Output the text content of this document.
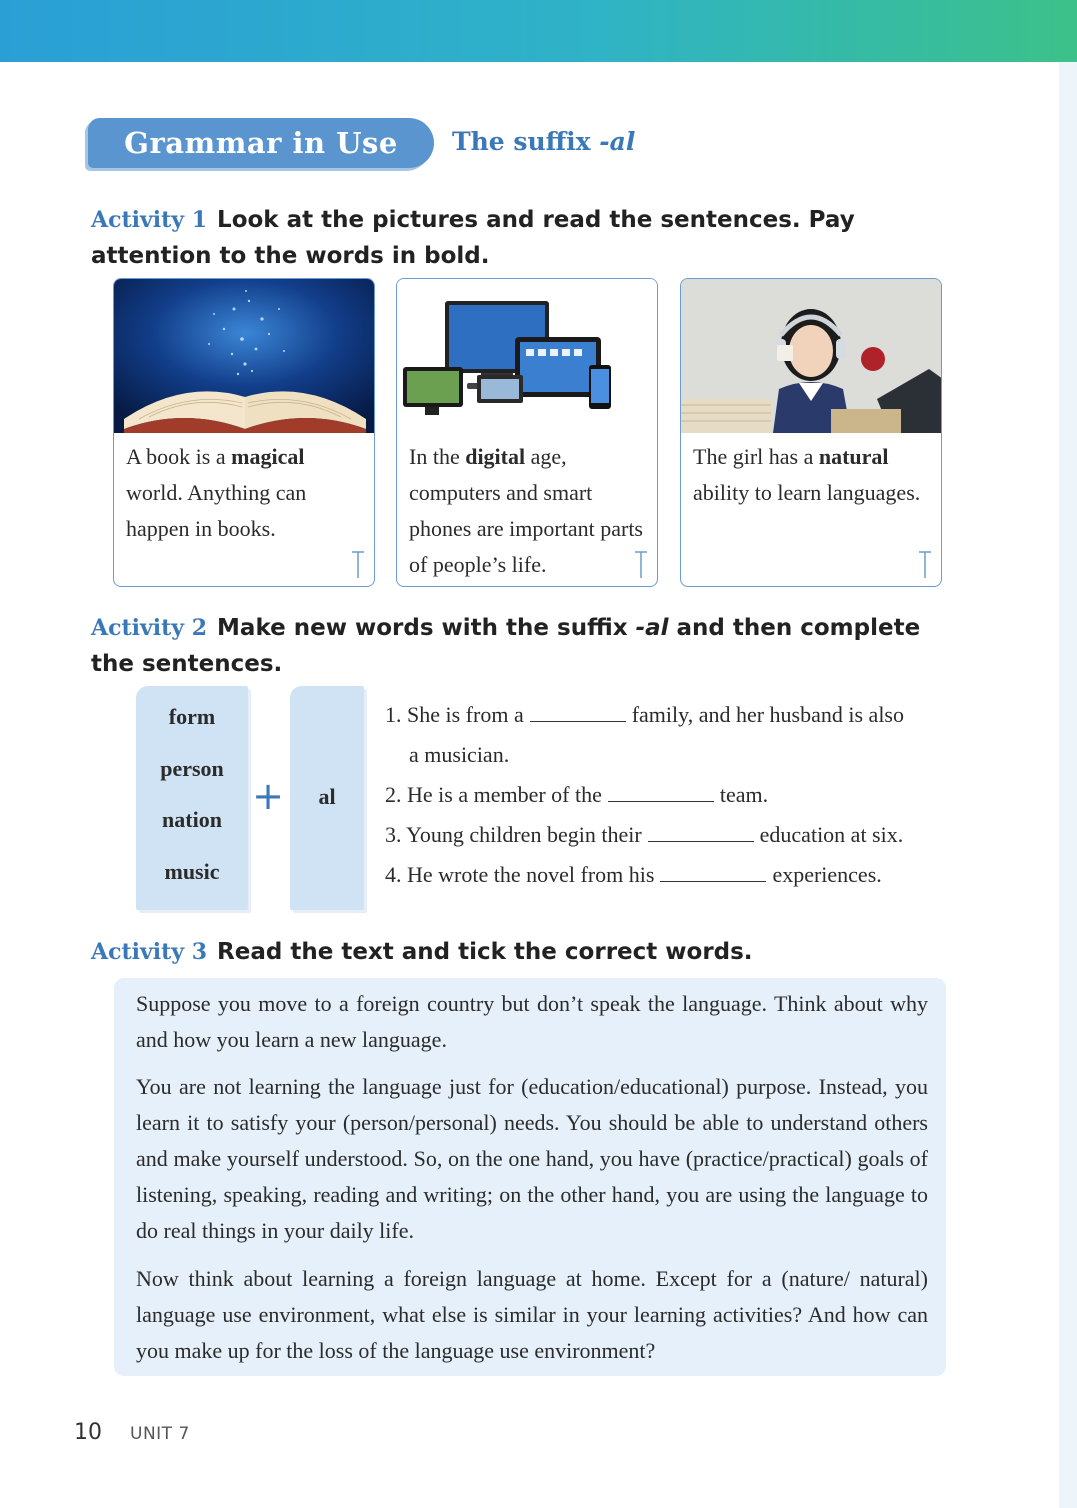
Grammar in Use	The suffix -al
Activity 1 Look at the pictures and read the sentences. Pay attention to the words in bold.
A book is a magical world. Anything can happen in books.
In the digital age, computers and smart phones are important parts of people’s life.
The girl has a natural ability to learn languages.
Activity 2 Make new words with the suffix -al and then complete the sentences.
form
person
nation
music
+	al
1. She is from a	family, and her husband is also
a musician.
2. He is a member of the	team.
3. Young children begin their	education at six.
4. He wrote the novel from his	experiences.
Activity 3 Read the text and tick the correct words.
Suppose you move to a foreign country but don’t speak the language. Think about why and how you learn a new language.
You are not learning the language just for (education/educational) purpose. Instead, you learn it to satisfy your (person/personal) needs. You should be able to understand others and make yourself understood. So, on the one hand, you have (practice/practical) goals of listening, speaking, reading and writing; on the other hand, you are using the language to do real things in your daily life.
Now think about learning a foreign language at home. Except for a (nature/ natural) language use environment, what else is similar in your learning activities? And how can you make up for the loss of the language use environment?
10 UNIT 7
